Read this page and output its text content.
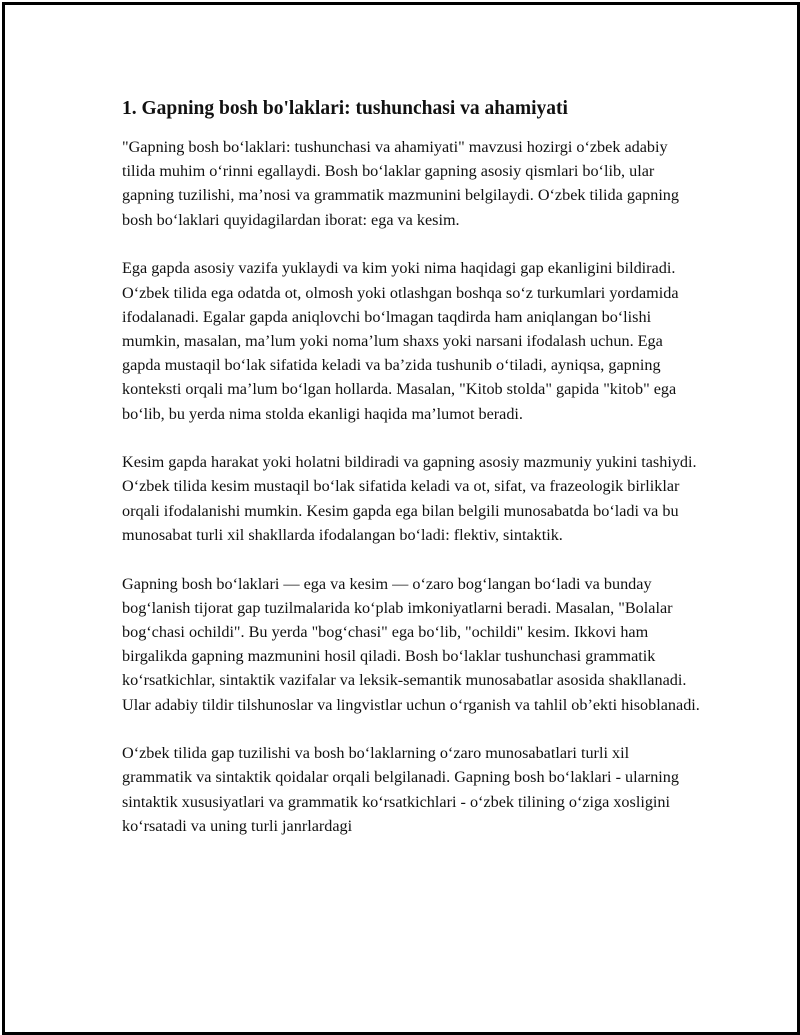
1. Gapning bosh bo'laklari: tushunchasi va ahamiyati

"Gapning bosh bo‘laklari: tushunchasi va ahamiyati" mavzusi hozirgi o‘zbek adabiy tilida muhim o‘rinni egallaydi. Bosh bo‘laklar gapning asosiy qismlari bo‘lib, ular gapning tuzilishi, ma’nosi va grammatik mazmunini belgilaydi. O‘zbek tilida gapning bosh bo‘laklari quyidagilardan iborat: ega va kesim.

Ega gapda asosiy vazifa yuklaydi va kim yoki nima haqidagi gap ekanligini bildiradi. O‘zbek tilida ega odatda ot, olmosh yoki otlashgan boshqa so‘z turkumlari yordamida ifodalanadi. Egalar gapda aniqlovchi bo‘lmagan taqdirda ham aniqlangan bo‘lishi mumkin, masalan, ma’lum yoki noma’lum shaxs yoki narsani ifodalash uchun. Ega gapda mustaqil bo‘lak sifatida keladi va ba’zida tushunib o‘tiladi, ayniqsa, gapning konteksti orqali ma’lum bo‘lgan hollarda. Masalan, "Kitob stolda" gapida "kitob" ega bo‘lib, bu yerda nima stolda ekanligi haqida ma’lumot beradi.

Kesim gapda harakat yoki holatni bildiradi va gapning asosiy mazmuniy yukini tashiydi. O‘zbek tilida kesim mustaqil bo‘lak sifatida keladi va ot, sifat, va frazeologik birliklar orqali ifodalanishi mumkin. Kesim gapda ega bilan belgili munosabatda bo‘ladi va bu munosabat turli xil shakllarda ifodalangan bo‘ladi: flektiv, sintaktik.

Gapning bosh bo‘laklari — ega va kesim — o‘zaro bog‘langan bo‘ladi va bunday bog‘lanish tijorat gap tuzilmalarida ko‘plab imkoniyatlarni beradi. Masalan, "Bolalar bog‘chasi ochildi". Bu yerda "bog‘chasi" ega bo‘lib, "ochildi" kesim. Ikkovi ham birgalikda gapning mazmunini hosil qiladi. Bosh bo‘laklar tushunchasi grammatik ko‘rsatkichlar, sintaktik vazifalar va leksik-semantik munosabatlar asosida shakllanadi. Ular adabiy tildir tilshunoslar va lingvistlar uchun o‘rganish va tahlil ob’ekti hisoblanadi.

O‘zbek tilida gap tuzilishi va bosh bo‘laklarning o‘zaro munosabatlari turli xil grammatik va sintaktik qoidalar orqali belgilanadi. Gapning bosh bo‘laklari - ularning sintaktik xususiyatlari va grammatik ko‘rsatkichlari - o‘zbek tilining o‘ziga xosligini ko‘rsatadi va uning turli janrlardagi
